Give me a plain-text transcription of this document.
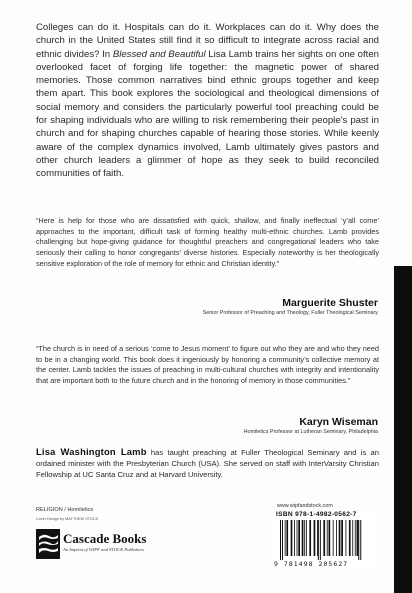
Colleges can do it. Hospitals can do it. Workplaces can do it. Why does the church in the United States still find it so difficult to integrate across racial and ethnic divides? In Blessed and Beautiful Lisa Lamb trains her sights on one often overlooked facet of forging life together: the magnetic power of shared memories. Those common narratives bind ethnic groups together and keep them apart. This book explores the sociological and theological dimensions of social memory and considers the particularly powerful tool preaching could be for shaping individuals who are willing to risk remembering their people's past in church and for shaping churches capable of hearing those stories. While keenly aware of the complex dynamics involved, Lamb ultimately gives pastors and other church leaders a glimmer of hope as they seek to build reconciled communities of faith.

“Here is help for those who are dissatisfied with quick, shallow, and finally ineffectual ‘y’all come’ approaches to the important, difficult task of forming healthy multi-ethnic churches. Lamb provides challenging but hope-giving guidance for thoughtful preachers and congregational leaders who take seriously their calling to honor congregants’ diverse histories. Especially noteworthy is her theologically sensitive exploration of the role of memory for ethnic and Christian identity.”

Marguerite Shuster
Senior Professor of Preaching and Theology, Fuller Theological Seminary

“The church is in need of a serious ‘come to Jesus moment’ to figure out who they are and who they need to be in a changing world. This book does it ingeniously by honoring a community’s collective memory at the center. Lamb tackles the issues of preaching in multi-cultural churches with integrity and intentionality that are important both to the future church and in the honoring of memory in those communities.”

Karyn Wiseman
Homiletics Professor at Lutheran Seminary, Philadelphia

Lisa Washington Lamb has taught preaching at Fuller Theological Seminary and is an ordained minister with the Presbyterian Church (USA). She served on staff with InterVarsity Christian Fellowship at UC Santa Cruz and at Harvard University.

RELIGION / Homiletics
Cover Design by MATTHEW STOCK
Cascade Books
An Imprint of WIPF and STOCK Publishers
www.wipfandstock.com
ISBN 978-1-4982-0562-7
9 781498 205627
